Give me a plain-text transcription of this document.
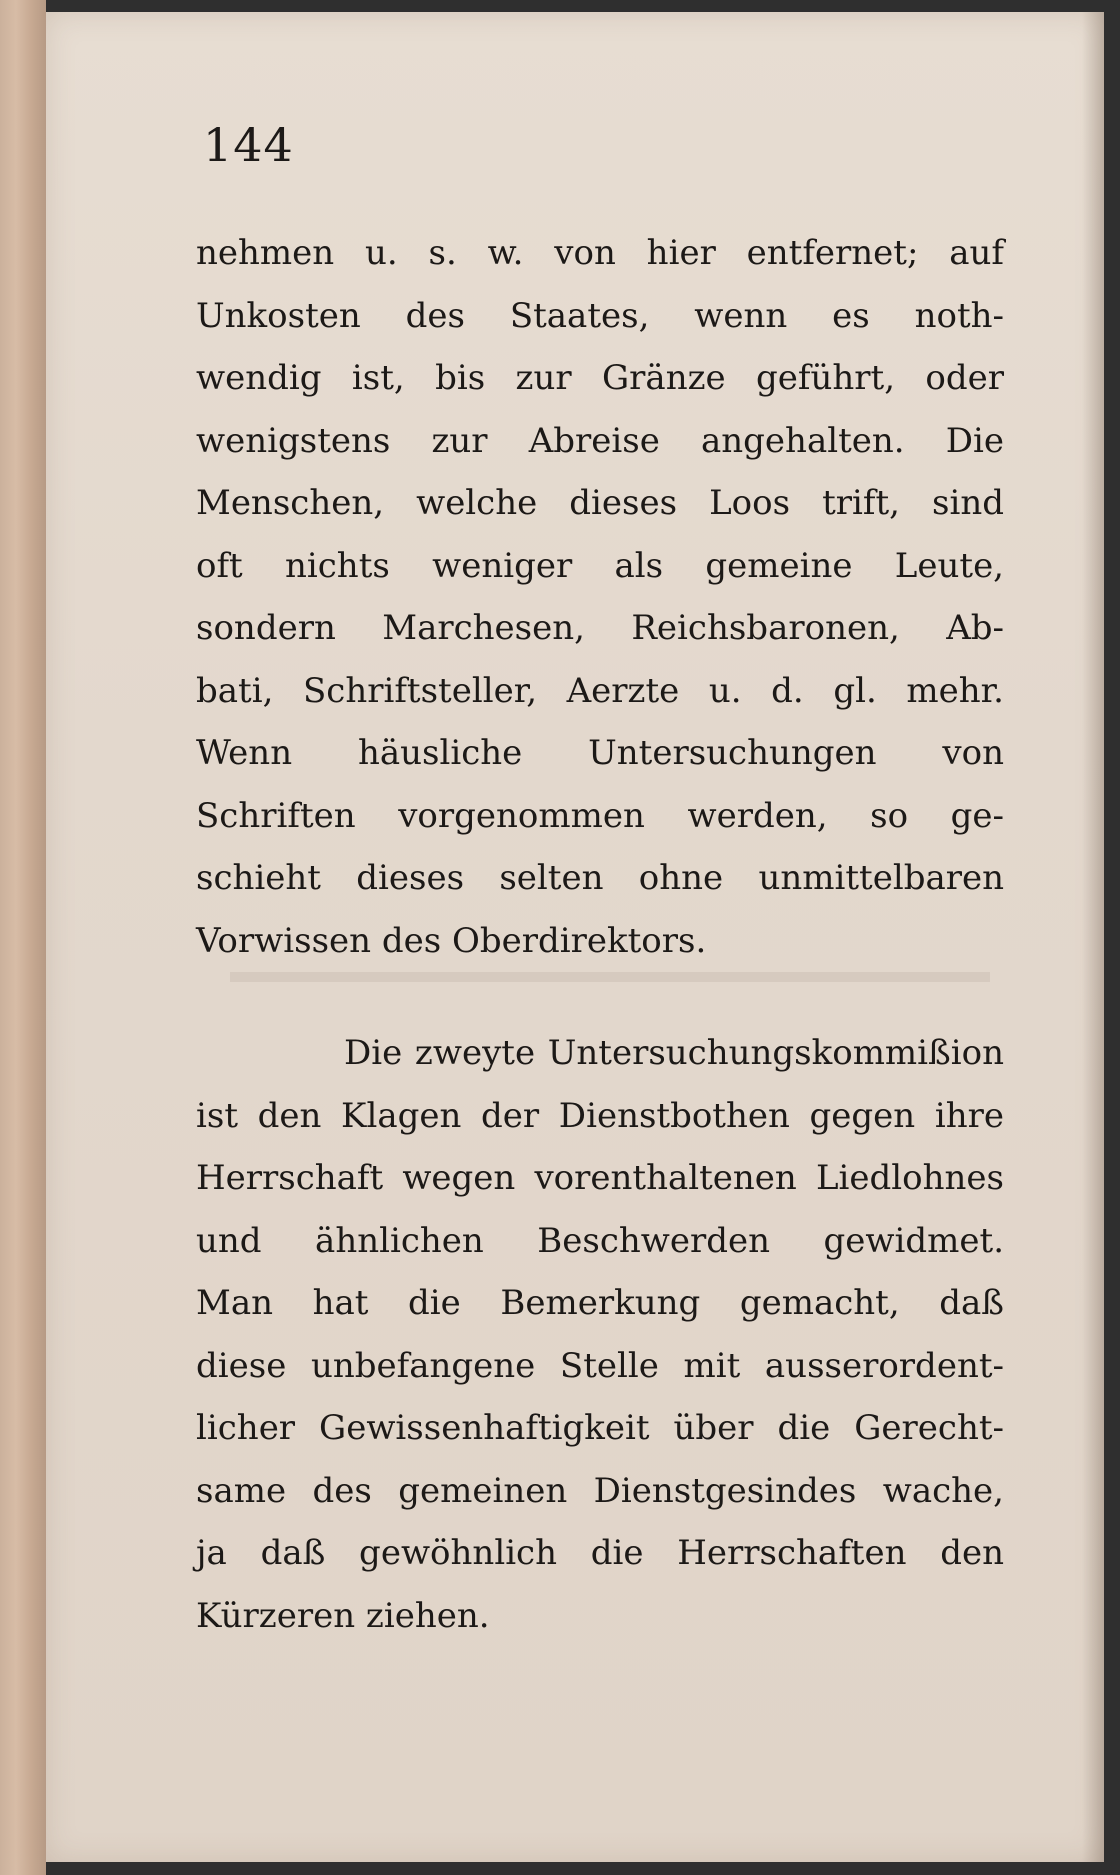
144
nehmen u. s. w. von hier entfernet; auf
Unkosten des Staates, wenn es noth-
wendig ist, bis zur Gränze geführt, oder
wenigstens zur Abreise angehalten. Die
Menschen, welche dieses Loos trift, sind
oft nichts weniger als gemeine Leute,
sondern Marchesen, Reichsbaronen, Ab-
bati, Schriftsteller, Aerzte u. d. gl. mehr.
Wenn häusliche Untersuchungen von
Schriften vorgenommen werden, so ge-
schieht dieses selten ohne unmittelbaren
Vorwissen des Oberdirektors.
Die zweyte Untersuchungskommißion
ist den Klagen der Dienstbothen gegen ihre
Herrschaft wegen vorenthaltenen Liedlohnes
und ähnlichen Beschwerden gewidmet.
Man hat die Bemerkung gemacht, daß
diese unbefangene Stelle mit ausserordent-
licher Gewissenhaftigkeit über die Gerecht-
same des gemeinen Dienstgesindes wache,
ja daß gewöhnlich die Herrschaften den
Kürzeren ziehen.
